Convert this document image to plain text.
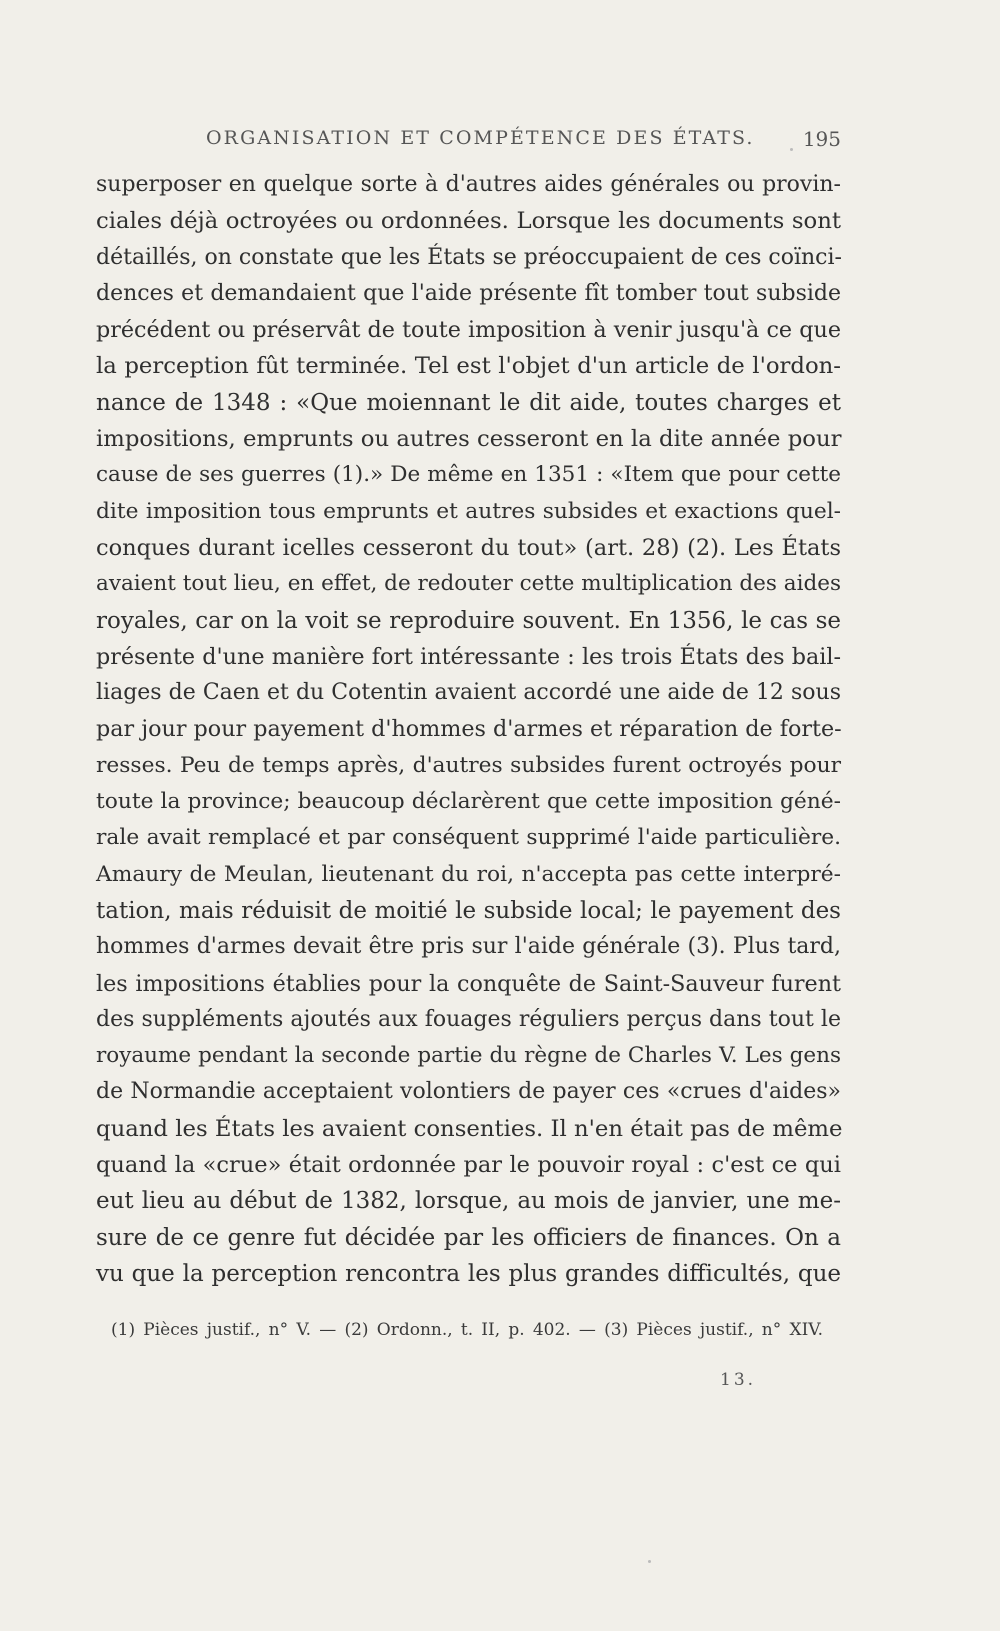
ORGANISATION ET COMPÉTENCE DES ÉTATS. 195
superposer en quelque sorte à d'autres aides générales ou provin-
ciales déjà octroyées ou ordonnées. Lorsque les documents sont
détaillés, on constate que les États se préoccupaient de ces coïnci-
dences et demandaient que l'aide présente fît tomber tout subside
précédent ou préservât de toute imposition à venir jusqu'à ce que
la perception fût terminée. Tel est l'objet d'un article de l'ordon-
nance de 1348 : «Que moiennant le dit aide, toutes charges et
impositions, emprunts ou autres cesseront en la dite année pour
cause de ses guerres (1).» De même en 1351 : «Item que pour cette
dite imposition tous emprunts et autres subsides et exactions quel-
conques durant icelles cesseront du tout» (art. 28) (2). Les États
avaient tout lieu, en effet, de redouter cette multiplication des aides
royales, car on la voit se reproduire souvent. En 1356, le cas se
présente d'une manière fort intéressante : les trois États des bail-
liages de Caen et du Cotentin avaient accordé une aide de 12 sous
par jour pour payement d'hommes d'armes et réparation de forte-
resses. Peu de temps après, d'autres subsides furent octroyés pour
toute la province; beaucoup déclarèrent que cette imposition géné-
rale avait remplacé et par conséquent supprimé l'aide particulière.
Amaury de Meulan, lieutenant du roi, n'accepta pas cette interpré-
tation, mais réduisit de moitié le subside local; le payement des
hommes d'armes devait être pris sur l'aide générale (3). Plus tard,
les impositions établies pour la conquête de Saint-Sauveur furent
des suppléments ajoutés aux fouages réguliers perçus dans tout le
royaume pendant la seconde partie du règne de Charles V. Les gens
de Normandie acceptaient volontiers de payer ces «crues d'aides»
quand les États les avaient consenties. Il n'en était pas de même
quand la «crue» était ordonnée par le pouvoir royal : c'est ce qui
eut lieu au début de 1382, lorsque, au mois de janvier, une me-
sure de ce genre fut décidée par les officiers de finances. On a
vu que la perception rencontra les plus grandes difficultés, que
(1) Pièces justif., n° V. — (2) Ordonn., t. II, p. 402. — (3) Pièces justif., n° XIV.
13.
